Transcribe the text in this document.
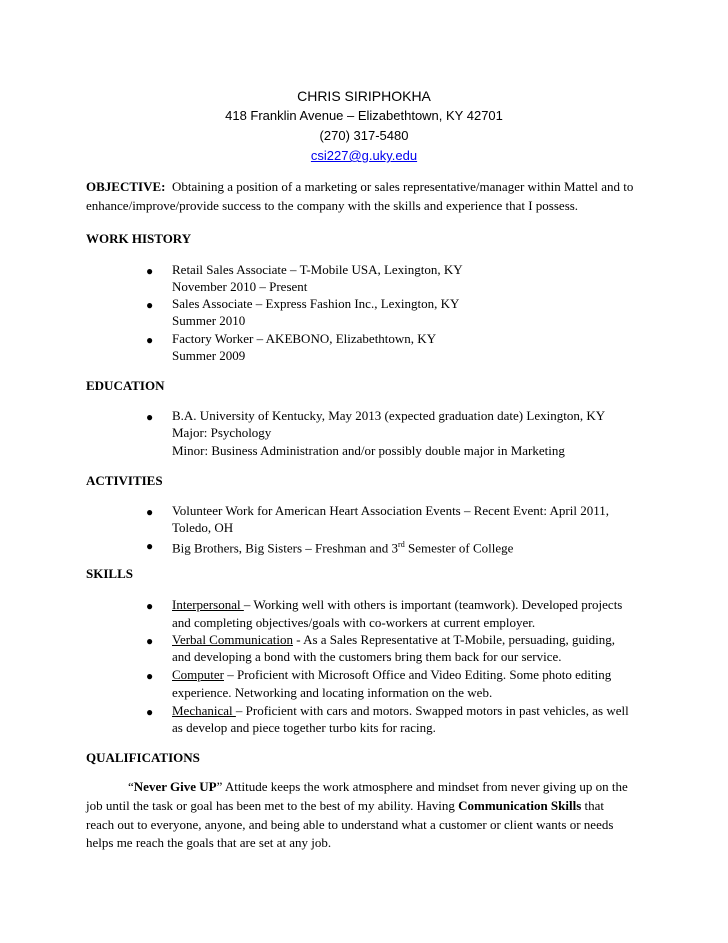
CHRIS SIRIPHOKHA
418 Franklin Avenue – Elizabethtown, KY 42701
(270) 317-5480
csi227@g.uky.edu
OBJECTIVE: Obtaining a position of a marketing or sales representative/manager within Mattel and to
enhance/improve/provide success to the company with the skills and experience that I possess.
WORK HISTORY
● Retail Sales Associate – T-Mobile USA, Lexington, KY
November 2010 – Present
● Sales Associate – Express Fashion Inc., Lexington, KY
Summer 2010
● Factory Worker – AKEBONO, Elizabethtown, KY
Summer 2009
EDUCATION
● B.A. University of Kentucky, May 2013 (expected graduation date) Lexington, KY
Major: Psychology
Minor: Business Administration and/or possibly double major in Marketing
ACTIVITIES
● Volunteer Work for American Heart Association Events – Recent Event: April 2011,
Toledo, OH
● Big Brothers, Big Sisters – Freshman and 3rd Semester of College
SKILLS
● Interpersonal – Working well with others is important (teamwork). Developed projects
and completing objectives/goals with co-workers at current employer.
● Verbal Communication - As a Sales Representative at T-Mobile, persuading, guiding,
and developing a bond with the customers bring them back for our service.
● Computer – Proficient with Microsoft Office and Video Editing. Some photo editing
experience. Networking and locating information on the web.
● Mechanical – Proficient with cars and motors. Swapped motors in past vehicles, as well
as develop and piece together turbo kits for racing.
QUALIFICATIONS
“Never Give UP” Attitude keeps the work atmosphere and mindset from never giving up on the
job until the task or goal has been met to the best of my ability. Having Communication Skills that
reach out to everyone, anyone, and being able to understand what a customer or client wants or needs
helps me reach the goals that are set at any job.
